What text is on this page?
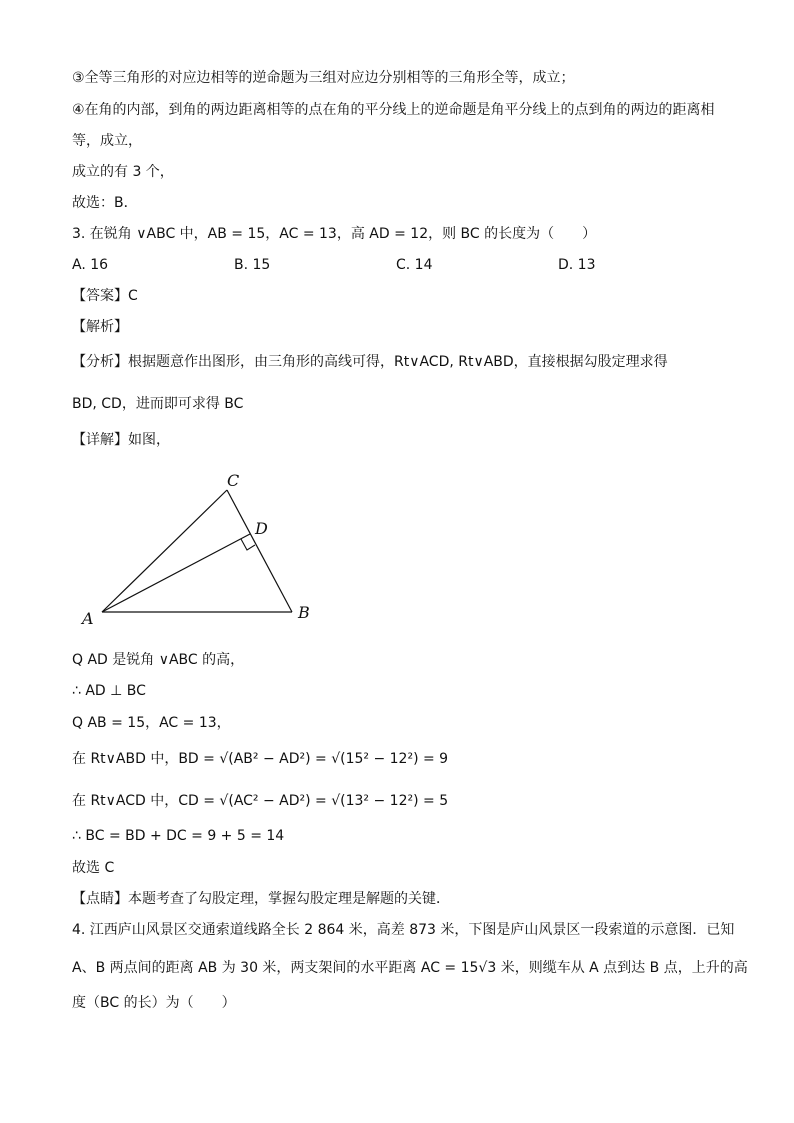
③全等三角形的对应边相等的逆命题为三组对应边分别相等的三角形全等，成立；
④在角的内部，到角的两边距离相等的点在角的平分线上的逆命题是角平分线上的点到角的两边的距离相
等，成立，
成立的有 3 个，
故选：B．
3. 在锐角 ∨ABC 中，AB = 15，AC = 13，高 AD = 12，则 BC 的长度为（　　）
A. 16	B. 15	C. 14	D. 13
【答案】C
【解析】
【分析】根据题意作出图形，由三角形的高线可得，Rt∨ACD, Rt∨ABD，直接根据勾股定理求得
BD, CD，进而即可求得 BC
【详解】如图，
C
D
A	B
Q AD 是锐角 ∨ABC 的高，
∴ AD ⊥ BC
Q AB = 15，AC = 13，
在 Rt∨ABD 中，BD = √(AB² − AD²) = √(15² − 12²) = 9
在 Rt∨ACD 中，CD = √(AC² − AD²) = √(13² − 12²) = 5
∴ BC = BD + DC = 9 + 5 = 14
故选 C
【点睛】本题考查了勾股定理，掌握勾股定理是解题的关键．
4. 江西庐山风景区交通索道线路全长 2 864 米，高差 873 米，下图是庐山风景区一段索道的示意图．已知
A、B 两点间的距离 AB 为 30 米，两支架间的水平距离 AC = 15√3 米，则缆车从 A 点到达 B 点，上升的高
度（BC 的长）为（　　）
